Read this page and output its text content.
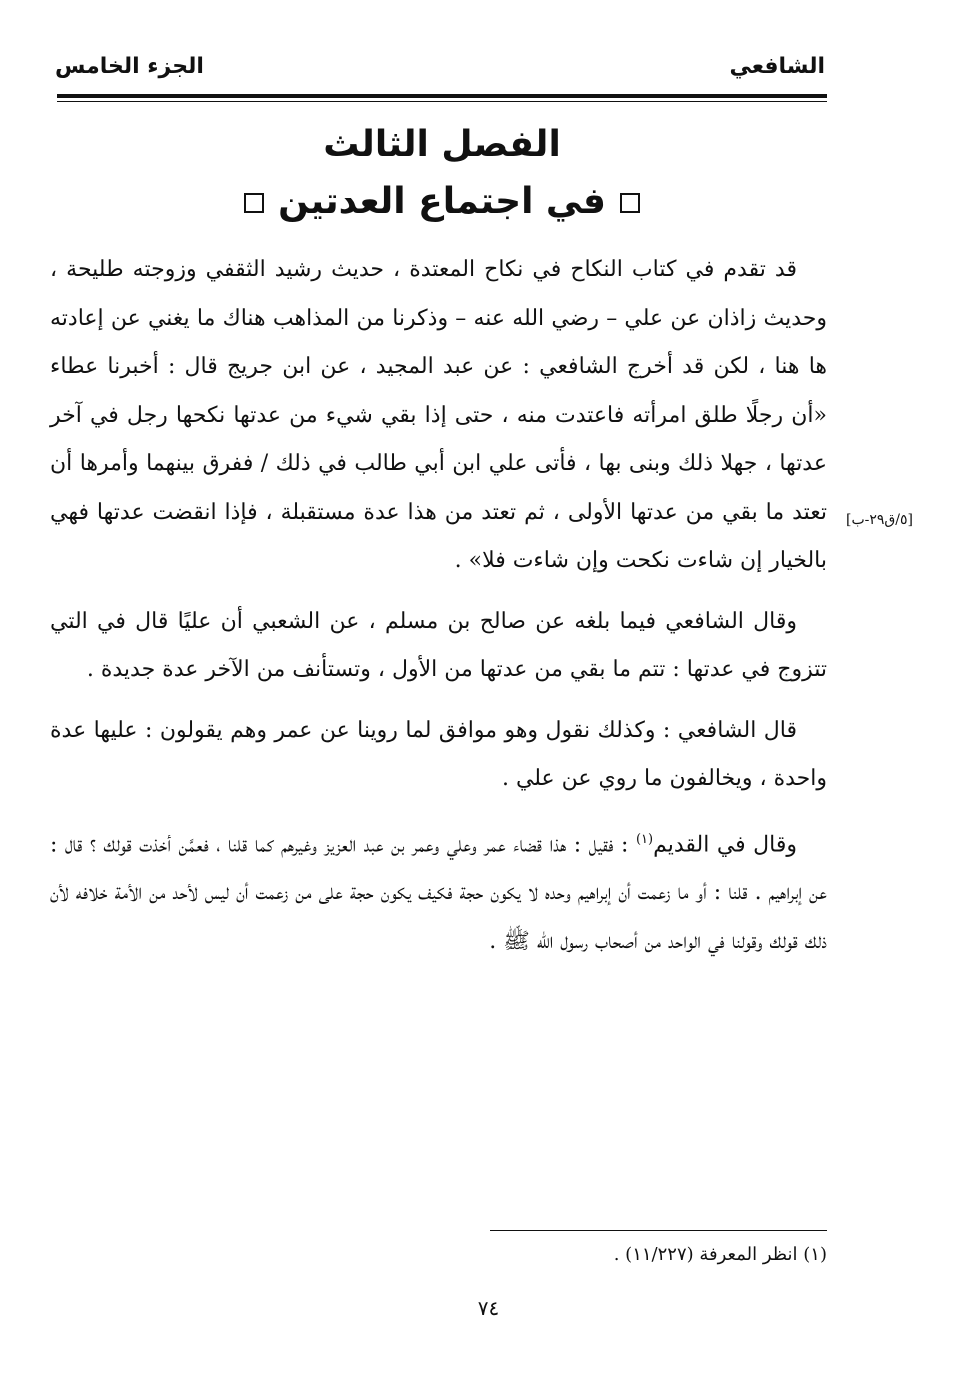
الشافعي
الجزء الخامس
الفصل الثالث
في اجتماع العدتين

قد تقدم في كتاب النكاح في نكاح المعتدة ، حديث رشيد الثقفي وزوجته طليحة ، وحديث زاذان عن علي – رضي الله عنه – وذكرنا من المذاهب هناك ما يغني عن إعادته ها هنا ، لكن قد أخرج الشافعي : عن عبد المجيد ، عن ابن جريج قال : أخبرنا عطاء «أن رجلًا طلق امرأته فاعتدت منه ، حتى إذا بقي شيء من عدتها نكحها رجل في آخر عدتها ، جهلا ذلك وبنى بها ، فأتى علي ابن أبي طالب في ذلك / ففرق بينهما وأمرها أن تعتد ما بقي من عدتها الأولى ، ثم تعتد من هذا عدة مستقبلة ، فإذا انقضت عدتها فهي بالخيار إن شاءت نكحت وإن شاءت فلا» .

وقال الشافعي فيما بلغه عن صالح بن مسلم ، عن الشعبي أن عليًا قال في التي تتزوج في عدتها : تتم ما بقي من عدتها من الأول ، وتستأنف من الآخر عدة جديدة .

قال الشافعي : وكذلك نقول وهو موافق لما روينا عن عمر وهم يقولون : عليها عدة واحدة ، ويخالفون ما روي عن علي .

وقال في القديم$^{(١)}$ : فقيل : هذا قضاء عمر وعلي وعمر بن عبد العزيز وغيرهم كما قلنا ، فعمَّن أخذت قولك ؟ قال : عن إبراهيم . قلنا : أو ما زعمت أن إبراهيم وحده لا يكون حجة فكيف يكون حجة على من زعمت أن ليس لأحد من الأمة خلافه لأن ذلك قولك وقولنا في الواحد من أصحاب رسول الله ﷺ .

[٥/ق٢٩-ب]
(١) انظر المعرفة (١١/٢٢٧) .
٧٤
